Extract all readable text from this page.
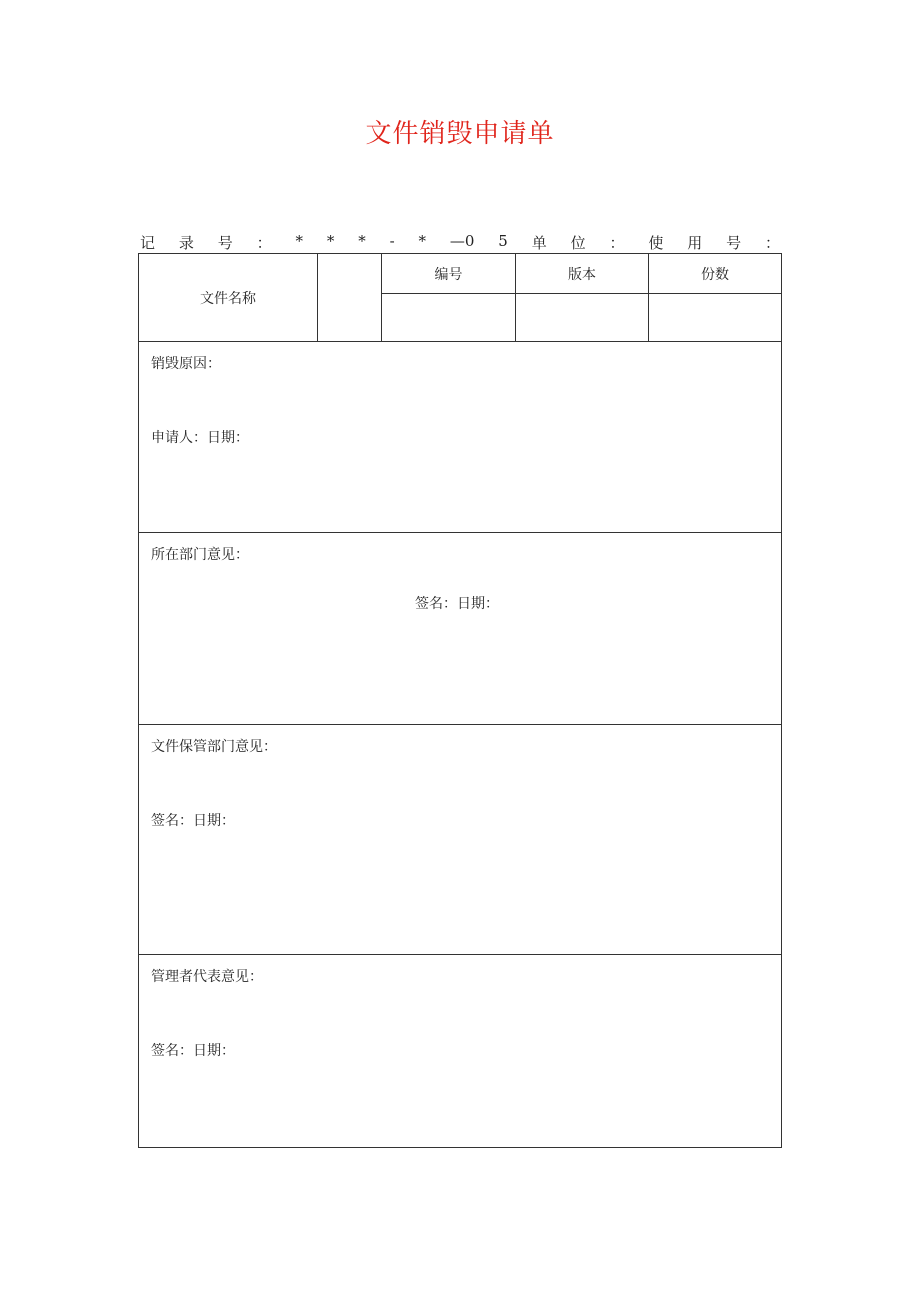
文件销毁申请单
记 录 号 ： * * * - * —0 5 单 位 ： 使 用 号 ：
文件名称		编号	版本	份数

销毁原因：
申请人：日期：				

所在部门意见：
签名：日期：				

文件保管部门意见：
签名：日期：				

管理者代表意见：
签名：日期：				
